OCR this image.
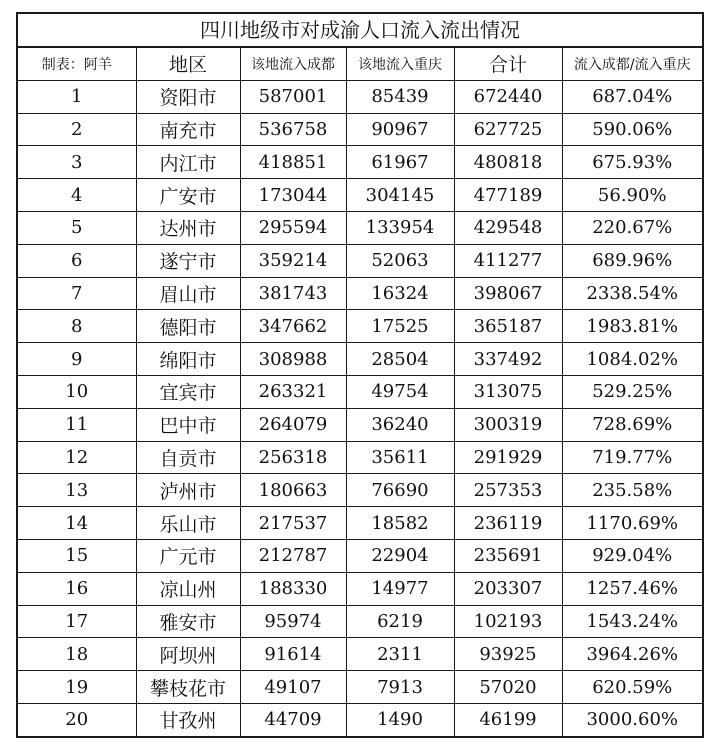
四川地级市对成渝人口流入流出情况
制表：阿羊	地区	该地流入成都	该地流入重庆	合计	流入成都/流入重庆
1	资阳市	587001	85439	672440	687.04%
2	南充市	536758	90967	627725	590.06%
3	内江市	418851	61967	480818	675.93%
4	广安市	173044	304145	477189	56.90%
5	达州市	295594	133954	429548	220.67%
6	遂宁市	359214	52063	411277	689.96%
7	眉山市	381743	16324	398067	2338.54%
8	德阳市	347662	17525	365187	1983.81%
9	绵阳市	308988	28504	337492	1084.02%
10	宜宾市	263321	49754	313075	529.25%
11	巴中市	264079	36240	300319	728.69%
12	自贡市	256318	35611	291929	719.77%
13	泸州市	180663	76690	257353	235.58%
14	乐山市	217537	18582	236119	1170.69%
15	广元市	212787	22904	235691	929.04%
16	凉山州	188330	14977	203307	1257.46%
17	雅安市	95974	6219	102193	1543.24%
18	阿坝州	91614	2311	93925	3964.26%
19	攀枝花市	49107	7913	57020	620.59%
20	甘孜州	44709	1490	46199	3000.60%
